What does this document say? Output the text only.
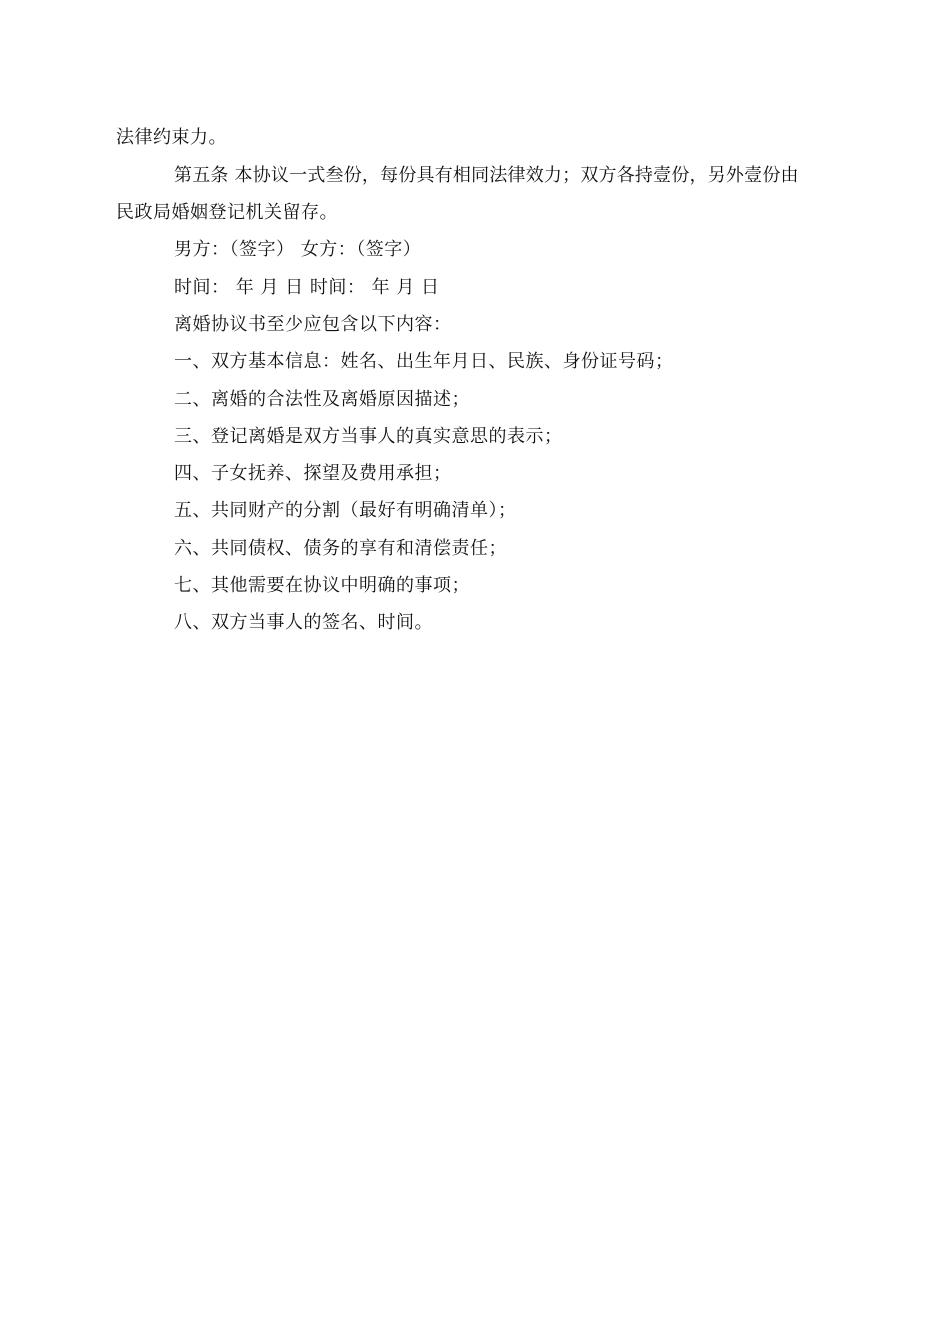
法律约束力。
第五条 本协议一式叁份，每份具有相同法律效力；双方各持壹份，另外壹份由
民政局婚姻登记机关留存。
男方：（签字） 女方：（签字）
时间： 年 月 日 时间： 年 月 日
离婚协议书至少应包含以下内容：
一、双方基本信息：姓名、出生年月日、民族、身份证号码；
二、离婚的合法性及离婚原因描述；
三、登记离婚是双方当事人的真实意思的表示；
四、子女抚养、探望及费用承担；
五、共同财产的分割（最好有明确清单）；
六、共同债权、债务的享有和清偿责任；
七、其他需要在协议中明确的事项；
八、双方当事人的签名、时间。
